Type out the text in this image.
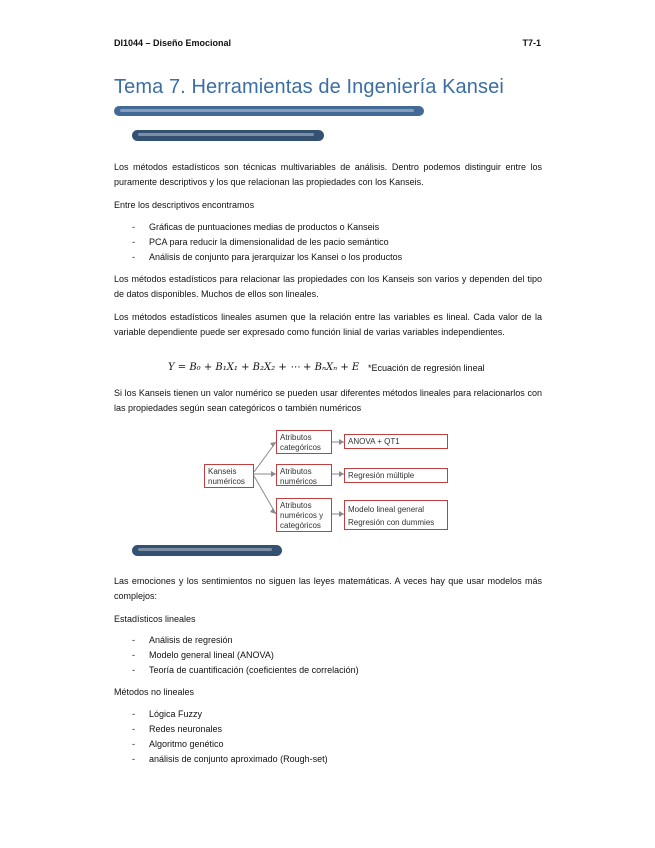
DI1044 – Diseño Emocional	T7-1
Tema 7. Herramientas de Ingeniería Kansei

Los métodos estadísticos son técnicas multivariables de análisis. Dentro podemos distinguir entre los puramente descriptivos y los que relacionan las propiedades con los Kanseis.

Entre los descriptivos encontramos

- Gráficas de puntuaciones medias de productos o Kanseis
- PCA para reducir la dimensionalidad de les pacio semántico
- Análisis de conjunto para jerarquizar los Kansei o los productos

Los métodos estadísticos para relacionar las propiedades con los Kanseis son varios y dependen del tipo de datos disponibles. Muchos de ellos son lineales.

Los métodos estadísticos lineales asumen que la relación entre las variables es lineal. Cada valor de la variable dependiente puede ser expresado como función linial de varias variables independientes.

Y = B₀ + B₁X₁ + B₂X₂ + ⋯ + BₙXₙ + E *Ecuación de regresión lineal

Si los Kanseis tienen un valor numérico se pueden usar diferentes métodos lineales para relacionarlos con las propiedades según sean categóricos o también numéricos

Kanseis numéricos
Atributos categóricos
Atributos numéricos
Atributos numéricos y categóricos
ANOVA + QT1
Regresión múltiple
Modelo lineal general
Regresión con dummies

Las emociones y los sentimientos no siguen las leyes matemáticas. A veces hay que usar modelos más complejos:

Estadísticos lineales

- Análisis de regresión
- Modelo general lineal (ANOVA)
- Teoría de cuantificación (coeficientes de correlación)

Métodos no lineales

- Lógica Fuzzy
- Redes neuronales
- Algoritmo genético
- análisis de conjunto aproximado (Rough-set)
